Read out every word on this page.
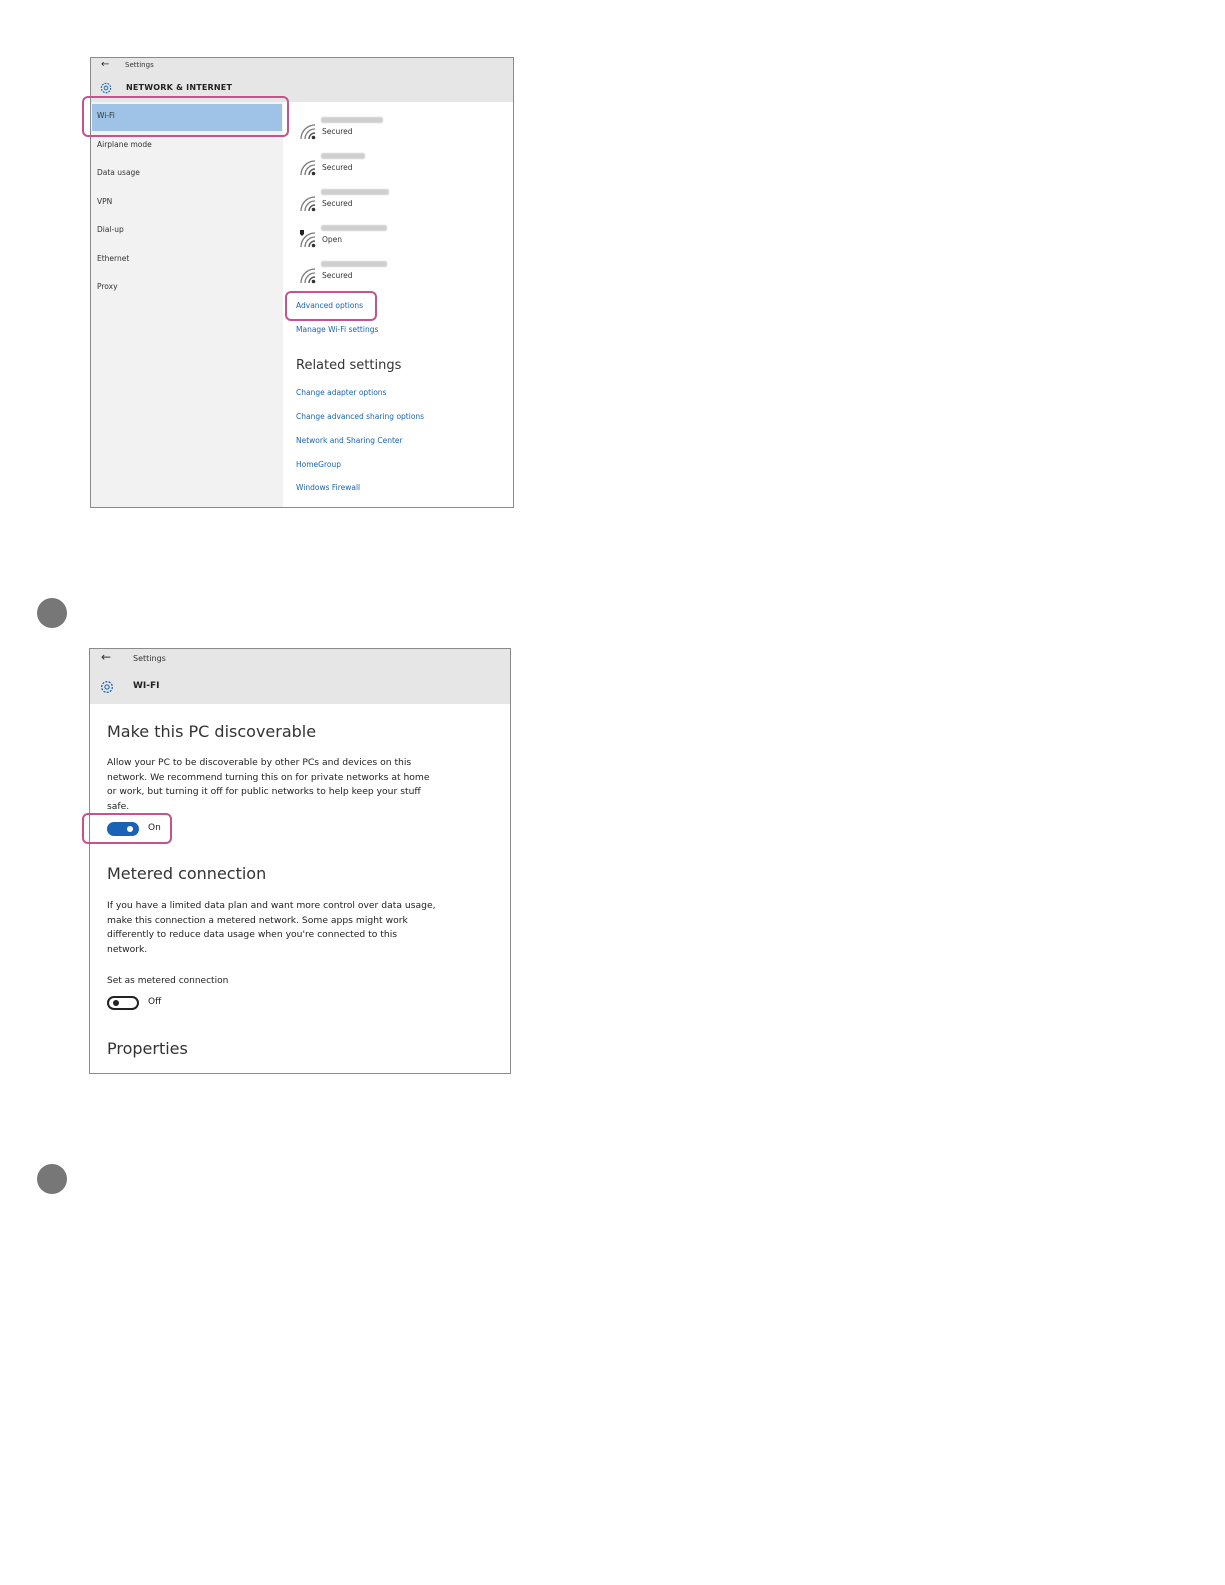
← Settings
NETWORK & INTERNET
Wi-Fi
Airplane mode
Data usage
VPN
Dial-up
Ethernet
Proxy
Secured
Secured
Secured
Open
Secured
Advanced options
Manage Wi-Fi settings
Related settings
Change adapter options
Change advanced sharing options
Network and Sharing Center
HomeGroup
Windows Firewall
←	Settings
WI-FI
Make this PC discoverable
Allow your PC to be discoverable by other PCs and devices on this network. We recommend turning this on for private networks at home or work, but turning it off for public networks to help keep your stuff safe.
On
Metered connection
If you have a limited data plan and want more control over data usage, make this connection a metered network. Some apps might work differently to reduce data usage when you're connected to this network.
Set as metered connection
Off
Properties
